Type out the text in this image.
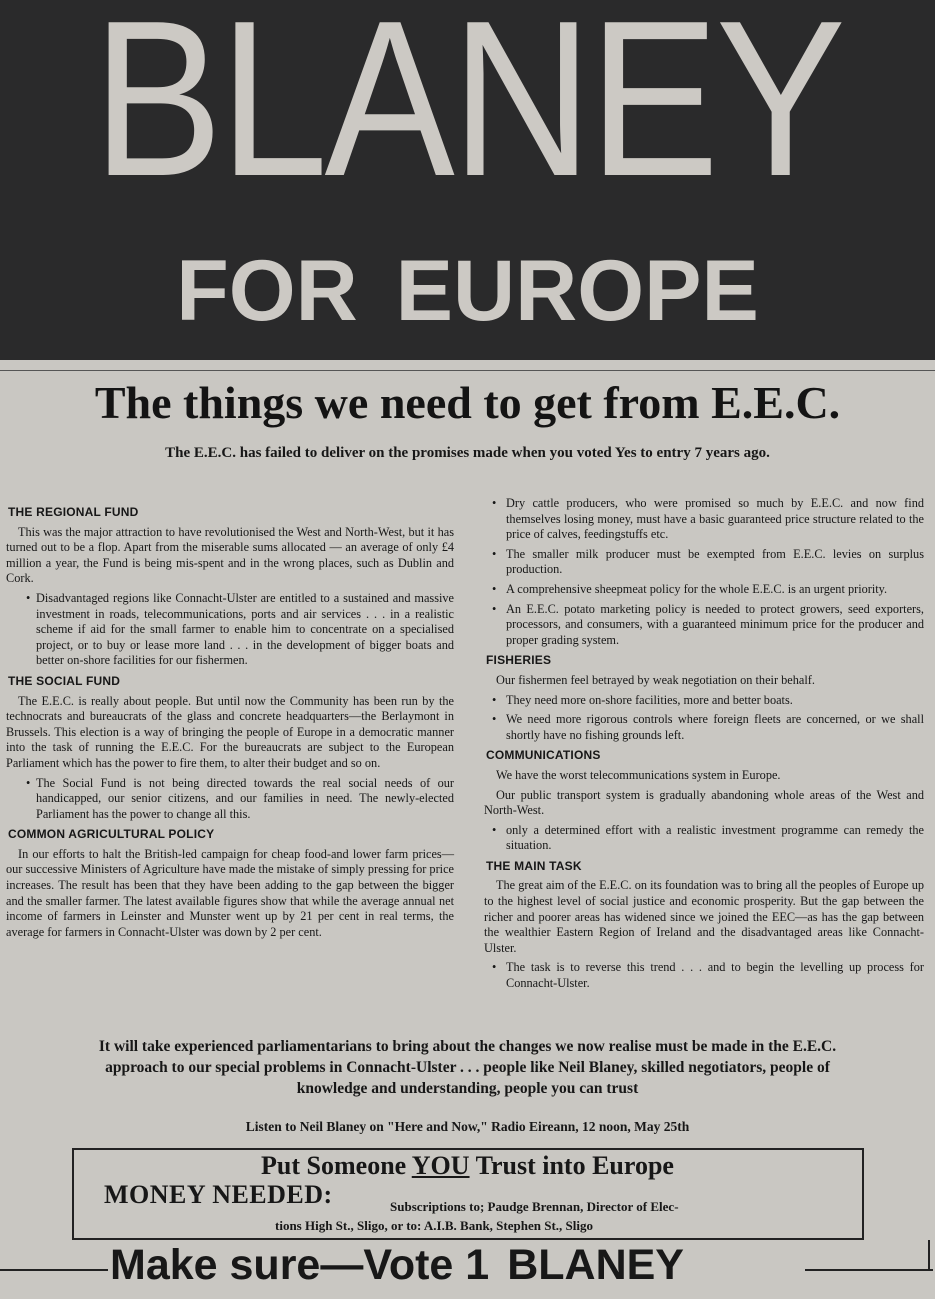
BLANEY
FOR EUROPE
The things we need to get from E.E.C.
The E.E.C. has failed to deliver on the promises made when you voted Yes to entry 7 years ago.
THE REGIONAL FUND

This was the major attraction to have revolutionised the West and North-West, but it has turned out to be a flop. Apart from the miserable sums allocated — an average of only £4 million a year, the Fund is being mis-spent and in the wrong places, such as Dublin and Cork.

• Disadvantaged regions like Connacht-Ulster are entitled to a sustained and massive investment in roads, telecommunications, ports and air services . . . in a realistic scheme if aid for the small farmer to enable him to concentrate on a specialised project, or to buy or lease more land . . . in the development of bigger boats and better on-shore facilities for our fishermen.

THE SOCIAL FUND

The E.E.C. is really about people. But until now the Community has been run by the technocrats and bureaucrats of the glass and concrete headquarters—the Berlaymont in Brussels. This election is a way of bringing the people of Europe in a democratic manner into the task of running the E.E.C. For the bureaucrats are subject to the European Parliament which has the power to fire them, to alter their budget and so on.

• The Social Fund is not being directed towards the real social needs of our handicapped, our senior citizens, and our families in need. The newly-elected Parliament has the power to change all this.

COMMON AGRICULTURAL POLICY

In our efforts to halt the British-led campaign for cheap food-and lower farm prices—our successive Ministers of Agriculture have made the mistake of simply pressing for price increases. The result has been that they have been adding to the gap between the bigger and the smaller farmer. The latest available figures show that while the average annual net income of farmers in Leinster and Munster went up by 21 per cent in real terms, the average for farmers in Connacht-Ulster was down by 2 per cent.

• Dry cattle producers, who were promised so much by E.E.C. and now find themselves losing money, must have a basic guaranteed price structure related to the price of calves, feedingstuffs etc.

• The smaller milk producer must be exempted from E.E.C. levies on surplus production.

• A comprehensive sheepmeat policy for the whole E.E.C. is an urgent priority.

• An E.E.C. potato marketing policy is needed to protect growers, seed exporters, processors, and consumers, with a guaranteed minimum price for the producer and proper grading system.

FISHERIES

Our fishermen feel betrayed by weak negotiation on their behalf.

• They need more on-shore facilities, more and better boats.

• We need more rigorous controls where foreign fleets are concerned, or we shall shortly have no fishing grounds left.

COMMUNICATIONS

We have the worst telecommunications system in Europe.

Our public transport system is gradually abandoning whole areas of the West and North-West.

• only a determined effort with a realistic investment programme can remedy the situation.

THE MAIN TASK

The great aim of the E.E.C. on its foundation was to bring all the peoples of Europe up to the highest level of social justice and economic prosperity. But the gap between the richer and poorer areas has widened since we joined the EEC—as has the gap between the wealthier Eastern Region of Ireland and the disadvantaged areas like Connacht-Ulster.

• The task is to reverse this trend . . . and to begin the levelling up process for Connacht-Ulster.

It will take experienced parliamentarians to bring about the changes we now realise must be made in the E.E.C. approach to our special problems in Connacht-Ulster . . . people like Neil Blaney, skilled negotiators, people of knowledge and understanding, people you can trust
Listen to Neil Blaney on "Here and Now," Radio Eireann, 12 noon, May 25th
Put Someone YOU Trust into Europe
MONEY NEEDED:	Subscriptions to; Paudge Brennan, Director of Elec-
tions High St., Sligo, or to: A.I.B. Bank, Stephen St., Sligo
Make sure—Vote 1 BLANEY
